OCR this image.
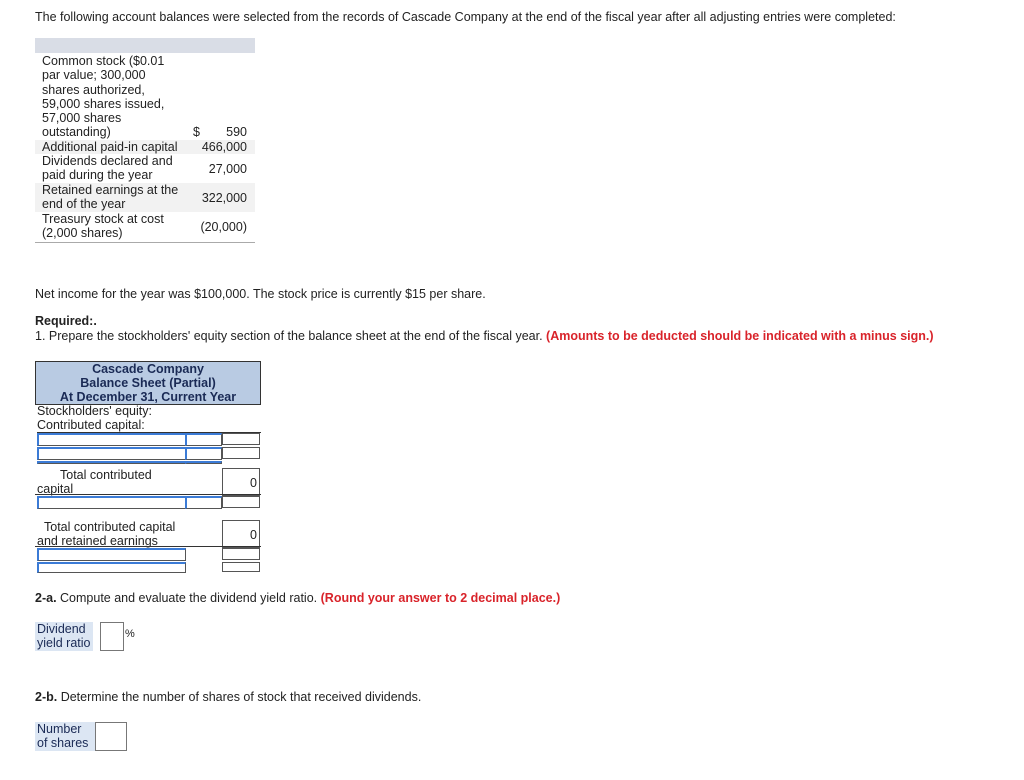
The following account balances were selected from the records of Cascade Company at the end of the fiscal year after all adjusting entries were completed:
Common stock ($0.01
par value; 300,000
shares authorized,
59,000 shares issued,
57,000 shares
outstanding)	$ 590
Additional paid-in capital	466,000
Dividends declared and
paid during the year	27,000
Retained earnings at the
end of the year	322,000
Treasury stock at cost
(2,000 shares)	(20,000)
Net income for the year was $100,000. The stock price is currently $15 per share.
Required:.
1. Prepare the stockholders' equity section of the balance sheet at the end of the fiscal year. (Amounts to be deducted should be indicated with a minus sign.)
Cascade Company
Balance Sheet (Partial)
At December 31, Current Year
Stockholders' equity:
Contributed capital:
Total contributed
capital	0
Total contributed capital
and retained earnings	0
2-a. Compute and evaluate the dividend yield ratio. (Round your answer to 2 decimal place.)
Dividend
yield ratio
%
2-b. Determine the number of shares of stock that received dividends.
Number
of shares
